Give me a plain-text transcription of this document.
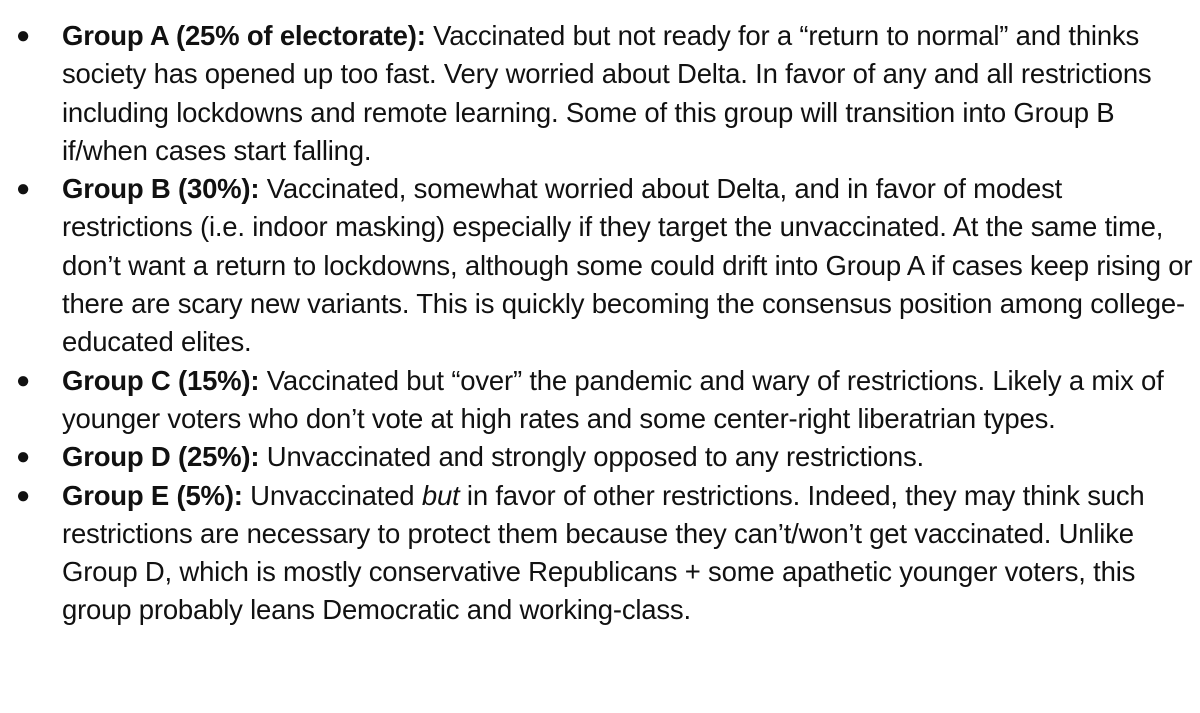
● Group A (25% of electorate): Vaccinated but not ready for a “return to normal” and thinks society has opened up too fast. Very worried about Delta. In favor of any and all restrictions including lockdowns and remote learning. Some of this group will transition into Group B if/when cases start falling.
● Group B (30%): Vaccinated, somewhat worried about Delta, and in favor of modest restrictions (i.e. indoor masking) especially if they target the unvaccinated. At the same time, don’t want a return to lockdowns, although some could drift into Group A if cases keep rising or there are scary new variants. This is quickly becoming the consensus position among college-educated elites.
● Group C (15%): Vaccinated but “over” the pandemic and wary of restrictions. Likely a mix of younger voters who don’t vote at high rates and some center-right liberatrian types.
● Group D (25%): Unvaccinated and strongly opposed to any restrictions.
● Group E (5%): Unvaccinated but in favor of other restrictions. Indeed, they may think such restrictions are necessary to protect them because they can’t/won’t get vaccinated. Unlike Group D, which is mostly conservative Republicans + some apathetic younger voters, this group probably leans Democratic and working-class.
